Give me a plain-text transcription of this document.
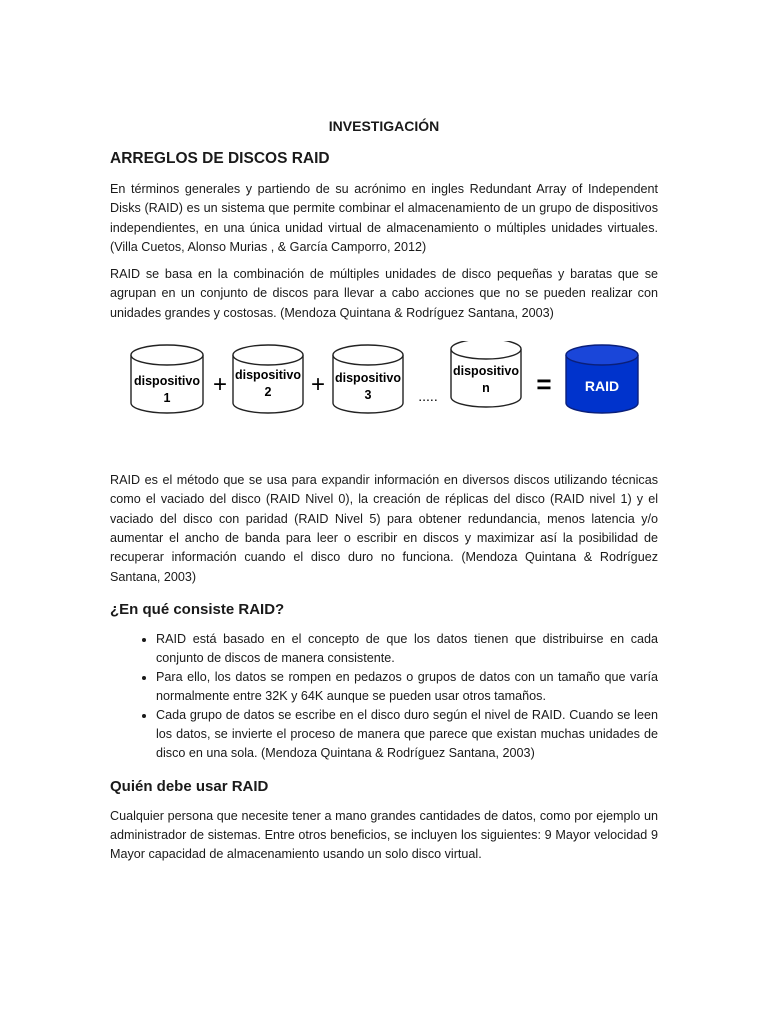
INVESTIGACIÓN
ARREGLOS DE DISCOS RAID

En términos generales y partiendo de su acrónimo en ingles Redundant Array of Independent Disks (RAID) es un sistema que permite combinar el almacenamiento de un grupo de dispositivos independientes, en una única unidad virtual de almacenamiento o múltiples unidades virtuales. (Villa Cuetos, Alonso Murias , & García Camporro, 2012)

RAID se basa en la combinación de múltiples unidades de disco pequeñas y baratas que se agrupan en un conjunto de discos para llevar a cabo acciones que no se pueden realizar con unidades grandes y costosas. (Mendoza Quintana & Rodríguez Santana, 2003)

dispositivo
1 + dispositivo
2 + dispositivo
3	.....
dispositivo
n = RAID

RAID es el método que se usa para expandir información en diversos discos utilizando técnicas como el vaciado del disco (RAID Nivel 0), la creación de réplicas del disco (RAID nivel 1) y el vaciado del disco con paridad (RAID Nivel 5) para obtener redundancia, menos latencia y/o aumentar el ancho de banda para leer o escribir en discos y maximizar así la posibilidad de recuperar información cuando el disco duro no funciona. (Mendoza Quintana & Rodríguez Santana, 2003)

¿En qué consiste RAID?
• RAID está basado en el concepto de que los datos tienen que distribuirse en cada conjunto de discos de manera consistente.
• Para ello, los datos se rompen en pedazos o grupos de datos con un tamaño que varía normalmente entre 32K y 64K aunque se pueden usar otros tamaños.
• Cada grupo de datos se escribe en el disco duro según el nivel de RAID. Cuando se leen los datos, se invierte el proceso de manera que parece que existan muchas unidades de disco en una sola. (Mendoza Quintana & Rodríguez Santana, 2003)
Quién debe usar RAID

Cualquier persona que necesite tener a mano grandes cantidades de datos, como por ejemplo un administrador de sistemas. Entre otros beneficios, se incluyen los siguientes: 9 Mayor velocidad 9 Mayor capacidad de almacenamiento usando un solo disco virtual.
